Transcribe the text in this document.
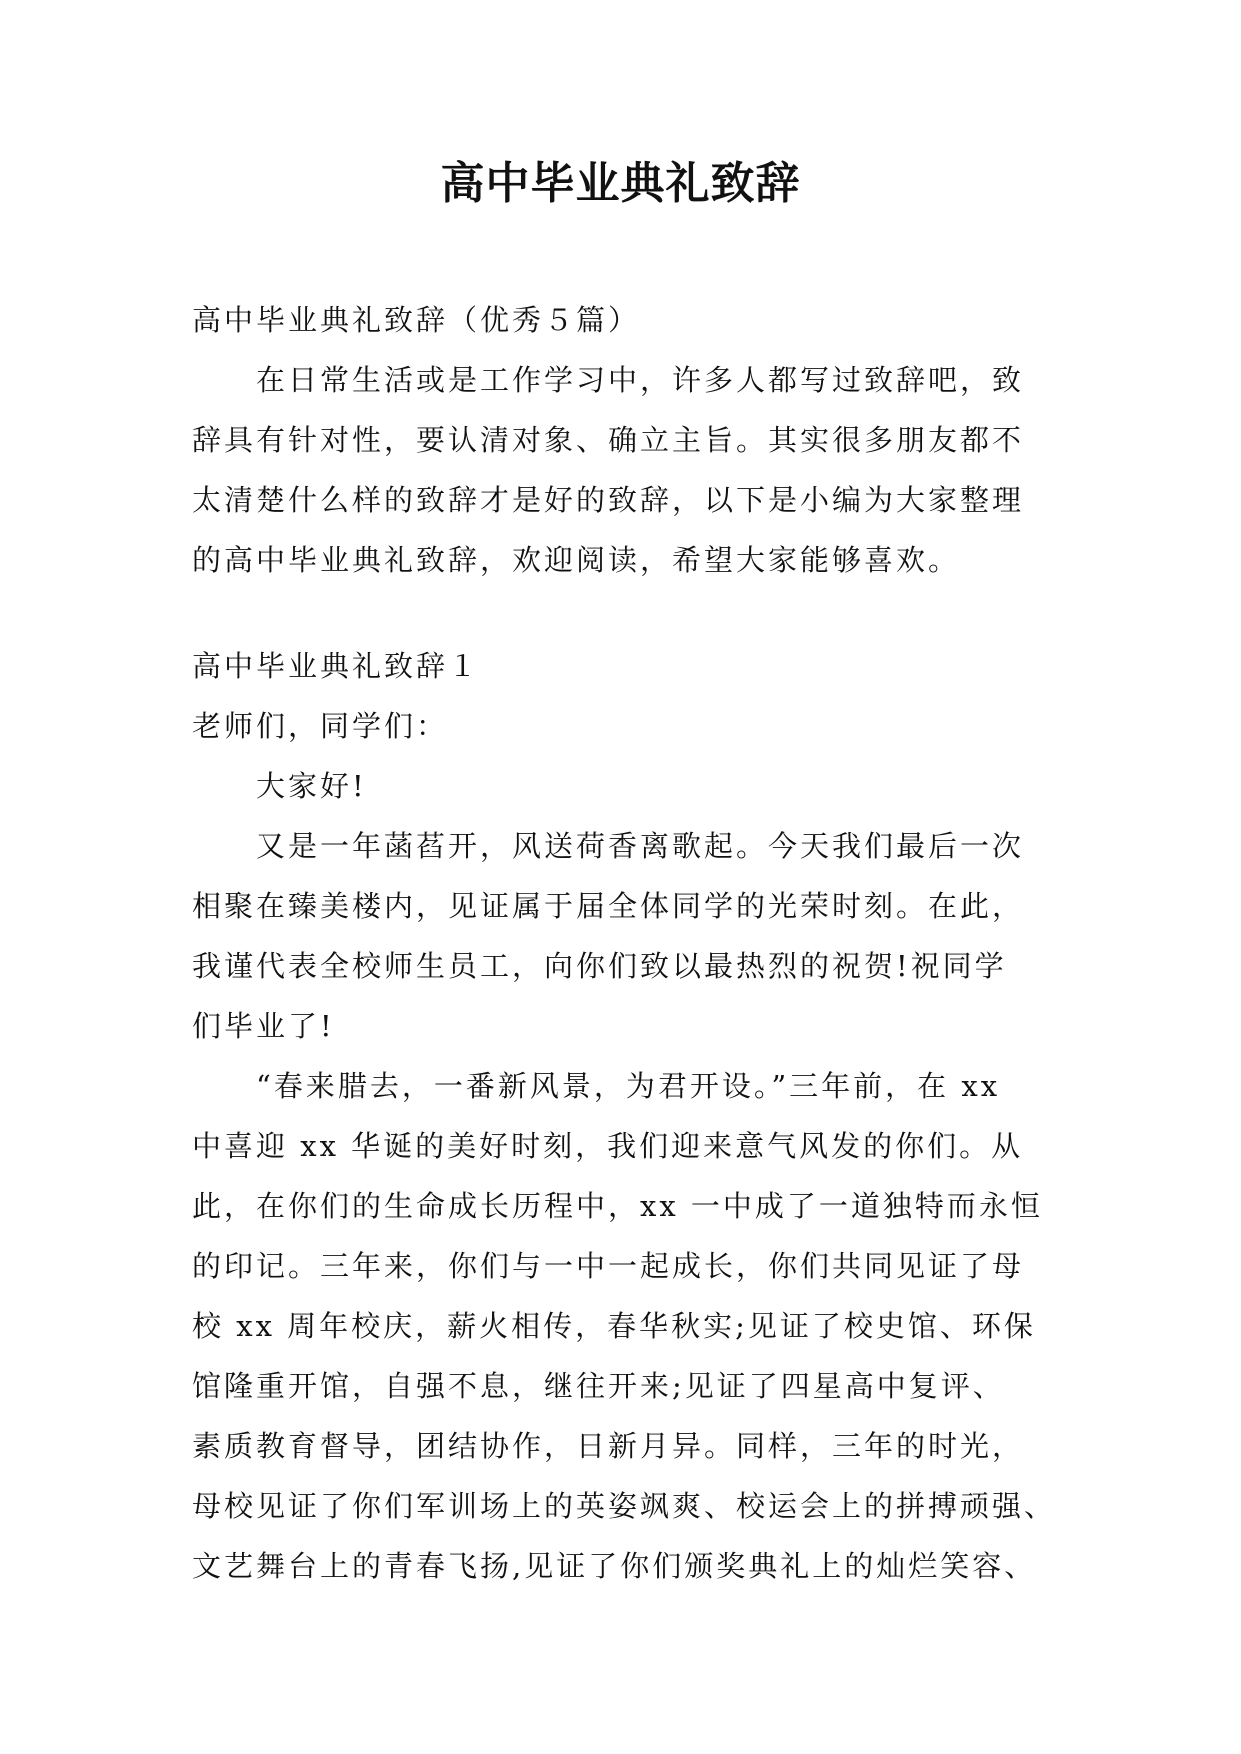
高中毕业典礼致辞
高中毕业典礼致辞（优秀５篇）
在日常生活或是工作学习中，许多人都写过致辞吧，致
辞具有针对性，要认清对象、确立主旨。其实很多朋友都不
太清楚什么样的致辞才是好的致辞，以下是小编为大家整理
的高中毕业典礼致辞，欢迎阅读，希望大家能够喜欢。
高中毕业典礼致辞１
老师们，同学们：
大家好!
又是一年菡萏开，风送荷香离歌起。今天我们最后一次
相聚在臻美楼内，见证属于届全体同学的光荣时刻。在此，
我谨代表全校师生员工，向你们致以最热烈的祝贺!祝同学
们毕业了!
“春来腊去，一番新风景，为君开设。”三年前，在 xx
中喜迎 xx 华诞的美好时刻，我们迎来意气风发的你们。从
此，在你们的生命成长历程中，xx 一中成了一道独特而永恒
的印记。三年来，你们与一中一起成长，你们共同见证了母
校 xx 周年校庆，薪火相传，春华秋实;见证了校史馆、环保
馆隆重开馆，自强不息，继往开来;见证了四星高中复评、
素质教育督导，团结协作，日新月异。同样，三年的时光，
母校见证了你们军训场上的英姿飒爽、校运会上的拼搏顽强、
文艺舞台上的青春飞扬,见证了你们颁奖典礼上的灿烂笑容、
